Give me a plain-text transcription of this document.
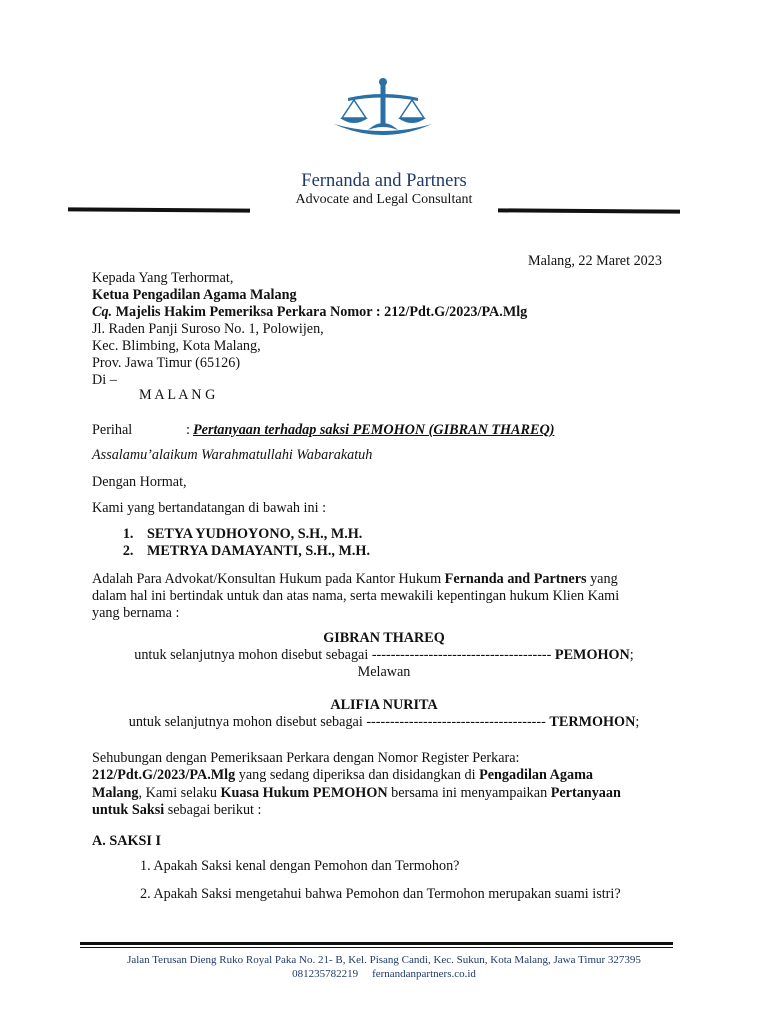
Fernanda and Partners
Advocate and Legal Consultant
Malang, 22 Maret 2023
Kepada Yang Terhormat,
Ketua Pengadilan Agama Malang
Cq. Majelis Hakim Pemeriksa Perkara Nomor : 212/Pdt.G/2023/PA.Mlg
Jl. Raden Panji Suroso No. 1, Polowijen,
Kec. Blimbing, Kota Malang,
Prov. Jawa Timur (65126)
Di –
M A L A N G
Perihal	: Pertanyaan terhadap saksi PEMOHON (GIBRAN THAREQ)
Assalamu’alaikum Warahmatullahi Wabarakatuh
Dengan Hormat,
Kami yang bertandatangan di bawah ini :
1. SETYA YUDHOYONO, S.H., M.H.
2. METRYA DAMAYANTI, S.H., M.H.
Adalah Para Advokat/Konsultan Hukum pada Kantor Hukum Fernanda and Partners yang
dalam hal ini bertindak untuk dan atas nama, serta mewakili kepentingan hukum Klien Kami
yang bernama :
GIBRAN THAREQ
untuk selanjutnya mohon disebut sebagai -------------------------------------- PEMOHON;
Melawan
ALIFIA NURITA
untuk selanjutnya mohon disebut sebagai -------------------------------------- TERMOHON;
Sehubungan dengan Pemeriksaan Perkara dengan Nomor Register Perkara:
212/Pdt.G/2023/PA.Mlg yang sedang diperiksa dan disidangkan di Pengadilan Agama
Malang, Kami selaku Kuasa Hukum PEMOHON bersama ini menyampaikan Pertanyaan
untuk Saksi sebagai berikut :
A. SAKSI I
1. Apakah Saksi kenal dengan Pemohon dan Termohon?
2. Apakah Saksi mengetahui bahwa Pemohon dan Termohon merupakan suami istri?
Jalan Terusan Dieng Ruko Royal Paka No. 21- B, Kel. Pisang Candi, Kec. Sukun, Kota Malang, Jawa Timur 327395
081235782219 fernandanpartners.co.id
